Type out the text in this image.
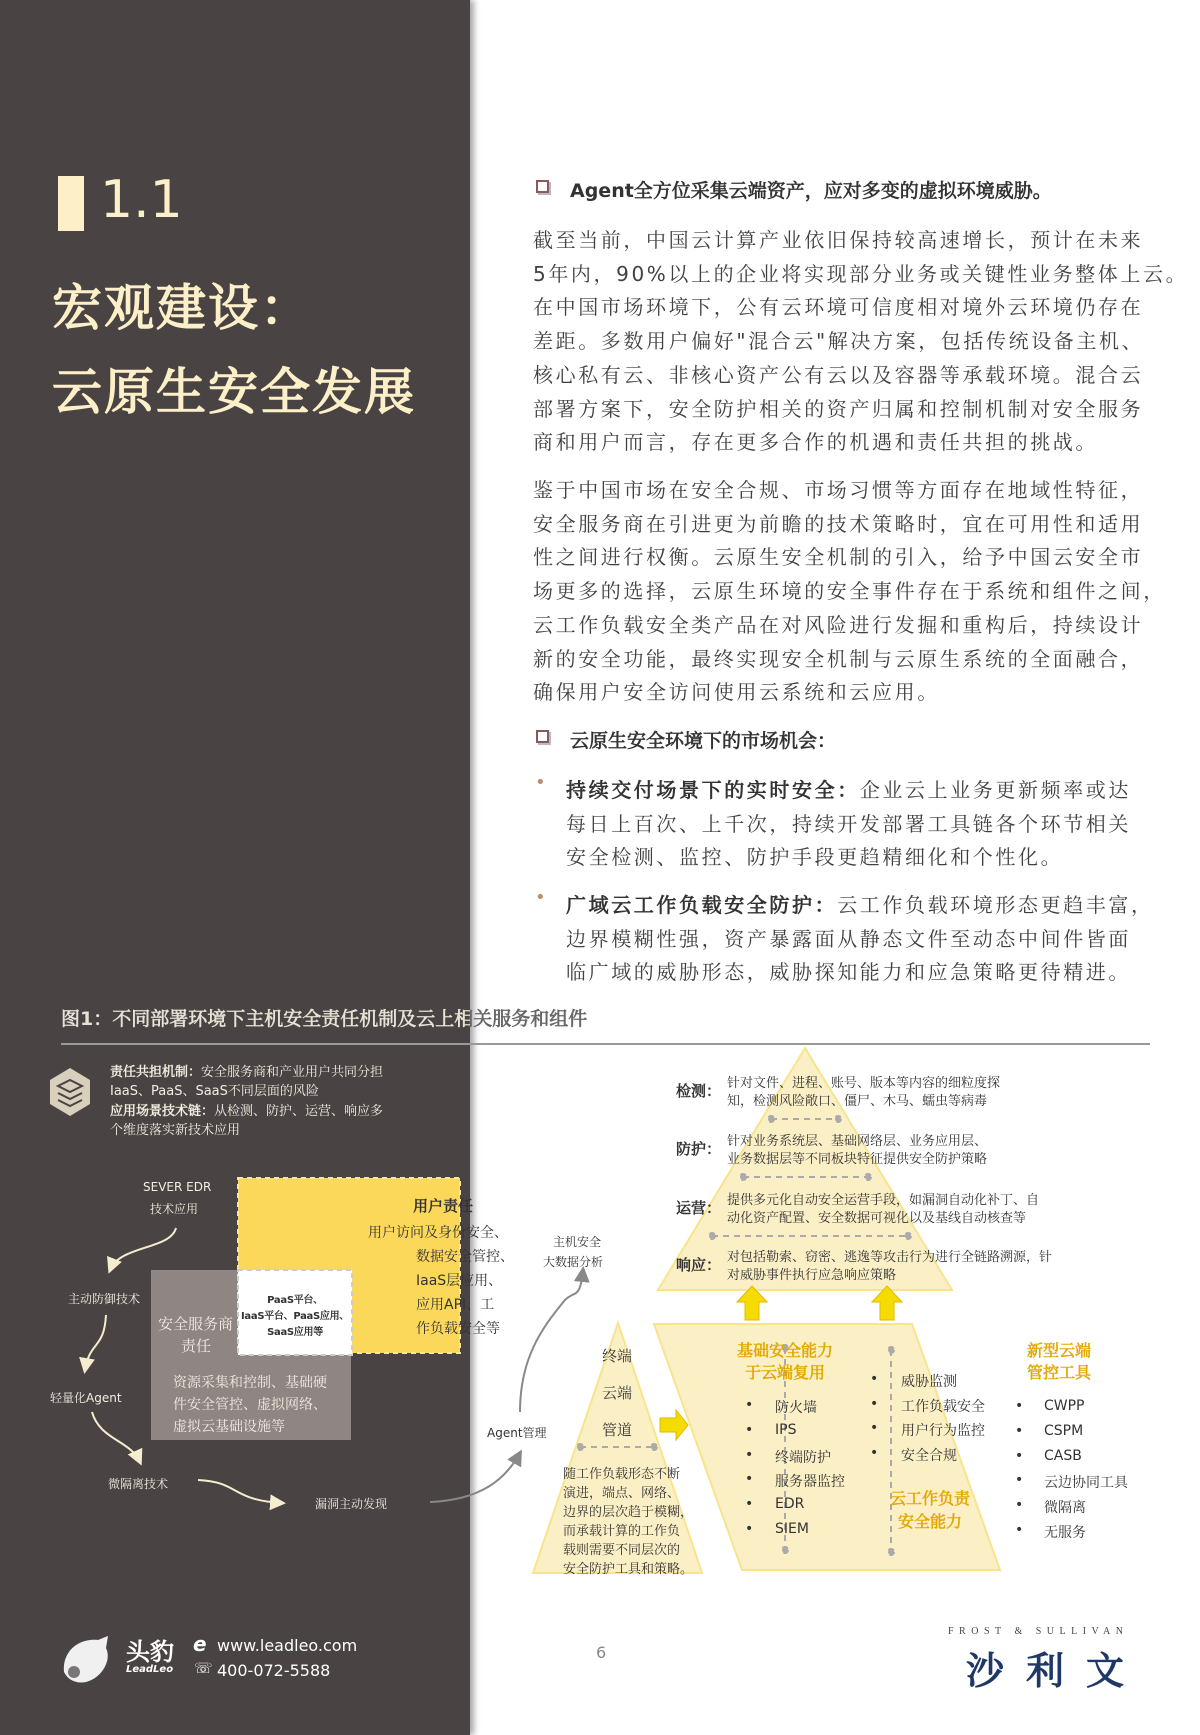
1.1
宏观建设：
云原生安全发展
Agent全方位采集云端资产，应对多变的虚拟环境威胁。
截至当前，中国云计算产业依旧保持较高速增长，预计在未来
5年内，90%以上的企业将实现部分业务或关键性业务整体上云。
在中国市场环境下，公有云环境可信度相对境外云环境仍存在
差距。多数用户偏好"混合云"解决方案，包括传统设备主机、
核心私有云、非核心资产公有云以及容器等承载环境。混合云
部署方案下，安全防护相关的资产归属和控制机制对安全服务
商和用户而言，存在更多合作的机遇和责任共担的挑战。
鉴于中国市场在安全合规、市场习惯等方面存在地域性特征，
安全服务商在引进更为前瞻的技术策略时，宜在可用性和适用
性之间进行权衡。云原生安全机制的引入，给予中国云安全市
场更多的选择，云原生环境的安全事件存在于系统和组件之间，
云工作负载安全类产品在对风险进行发掘和重构后，持续设计
新的安全功能，最终实现安全机制与云原生系统的全面融合，
确保用户安全访问使用云系统和云应用。
云原生安全环境下的市场机会：
• 持续交付场景下的实时安全：企业云上业务更新频率或达
每日上百次、上千次，持续开发部署工具链各个环节相关
安全检测、监控、防护手段更趋精细化和个性化。
• 广域云工作负载安全防护：云工作负载环境形态更趋丰富，
边界模糊性强，资产暴露面从静态文件至动态中间件皆面
临广域的威胁形态，威胁探知能力和应急策略更待精进。
图1：不同部署环境下主机安全责任机制及云上相关服务和组件
责任共担机制：安全服务商和产业用户共同分担
IaaS、PaaS、SaaS不同层面的风险
应用场景技术链：从检测、防护、运营、响应多
个维度落实新技术应用
SEVER EDR
技术应用
主动防御技术
轻量化Agent
微隔离技术
漏洞主动发现
Agent管理
主机安全
大数据分析
用户责任
用户访问及身份安全、
数据安全管控、
IaaS层应用、
应用API、工
作负载安全等
PaaS平台、
IaaS平台、PaaS应用、
SaaS应用等
安全服务商
责任
资源采集和控制、基础硬
件安全管控、虚拟网络、
虚拟云基础设施等
检测： 针对文件、进程、账号、版本等内容的细粒度探
知，检测风险敞口、僵尸、木马、蠕虫等病毒
防护： 针对业务系统层、基础网络层、业务应用层、
业务数据层等不同板块特征提供安全防护策略
运营： 提供多元化自动安全运营手段，如漏洞自动化补丁、自
动化资产配置、安全数据可视化以及基线自动核查等
响应： 对包括勒索、窃密、逃逸等攻击行为进行全链路溯源，针
对威胁事件执行应急响应策略
终端
云端
管道
随工作负载形态不断
演进，端点、网络、
边界的层次趋于模糊，
而承载计算的工作负
载则需要不同层次的
安全防护工具和策略。
基础安全能力
于云端复用
• 防火墙
• IPS
• 终端防护
• 服务器监控
• EDR
• SIEM
• 威胁监测
• 工作负载安全
• 用户行为监控
• 安全合规
云工作负责
安全能力
新型云端
管控工具
• CWPP
• CSPM
• CASB
• 云边协同工具
• 微隔离
• 无服务
头豹
LeadLeo
e www.leadleo.com
☏ 400-072-5588
6
FROST & SULLIVAN
沙利文
